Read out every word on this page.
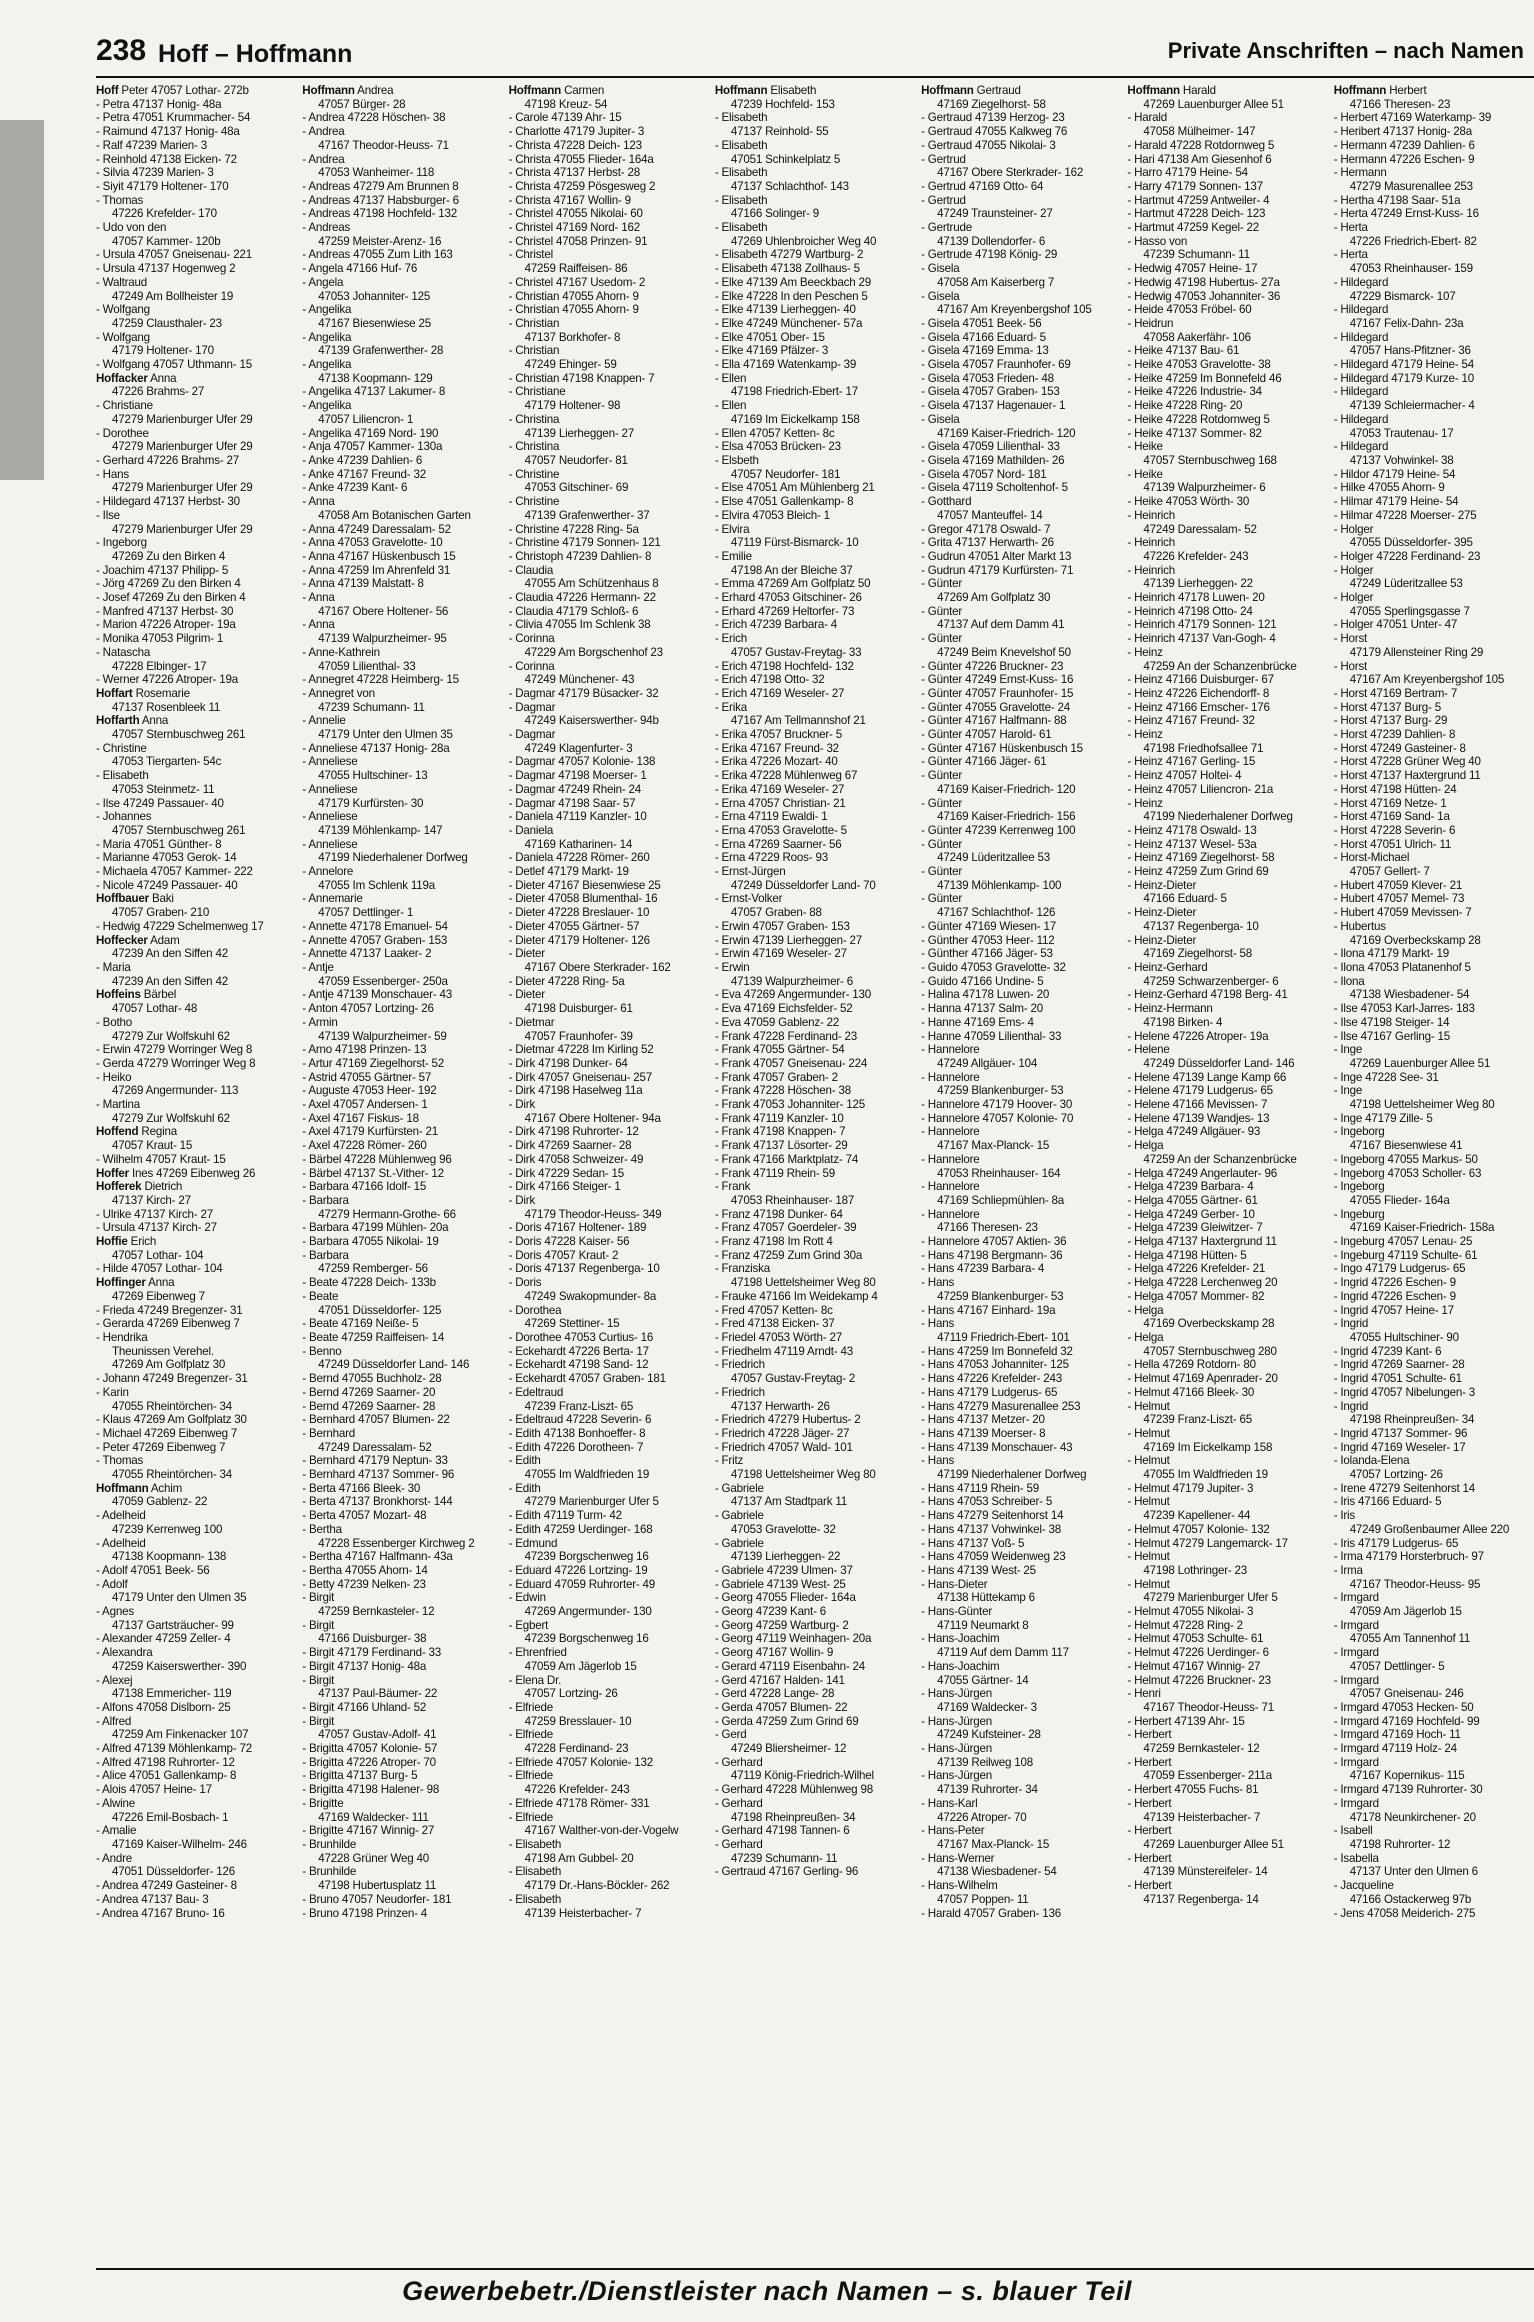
238 Hoff – Hoffmann	Private Anschriften – nach Namen
Hoff Peter 47057 Lothar- 272b
- Petra 47137 Honig- 48a
- Petra 47051 Krummacher- 54
- Raimund 47137 Honig- 48a
- Ralf 47239 Marien- 3
- Reinhold 47138 Eicken- 72
- Silvia 47239 Marien- 3
- Siyit 47179 Holtener- 170
- Thomas
47226 Krefelder- 170
- Udo von den
47057 Kammer- 120b
- Ursula 47057 Gneisenau- 221
- Ursula 47137 Hogenweg 2
- Waltraud
47249 Am Bollheister 19
- Wolfgang
47259 Clausthaler- 23
- Wolfgang
47179 Holtener- 170
- Wolfgang 47057 Uthmann- 15
Hoffacker Anna
47226 Brahms- 27
- Christiane
47279 Marienburger Ufer 29
- Dorothee
47279 Marienburger Ufer 29
- Gerhard 47226 Brahms- 27
- Hans
47279 Marienburger Ufer 29
- Hildegard 47137 Herbst- 30
- Ilse
47279 Marienburger Ufer 29
- Ingeborg
47269 Zu den Birken 4
- Joachim 47137 Philipp- 5
- Jörg 47269 Zu den Birken 4
- Josef 47269 Zu den Birken 4
- Manfred 47137 Herbst- 30
- Marion 47226 Atroper- 19a
- Monika 47053 Pilgrim- 1
- Natascha
47228 Elbinger- 17
- Werner 47226 Atroper- 19a
Hoffart Rosemarie
47137 Rosenbleek 11
Hoffarth Anna
47057 Sternbuschweg 261
- Christine
47053 Tiergarten- 54c
- Elisabeth
47053 Steinmetz- 11
- Ilse 47249 Passauer- 40
- Johannes
47057 Sternbuschweg 261
- Maria 47051 Günther- 8
- Marianne 47053 Gerok- 14
- Michaela 47057 Kammer- 222
- Nicole 47249 Passauer- 40
Hoffbauer Baki
47057 Graben- 210
- Hedwig 47229 Schelmenweg 17
Hoffecker Adam
47239 An den Siffen 42
- Maria
47239 An den Siffen 42
Hoffeins Bärbel
47057 Lothar- 48
- Botho
47279 Zur Wolfskuhl 62
- Erwin 47279 Worringer Weg 8
- Gerda 47279 Worringer Weg 8
- Heiko
47269 Angermunder- 113
- Martina
47279 Zur Wolfskuhl 62
Hoffend Regina
47057 Kraut- 15
- Wilhelm 47057 Kraut- 15
Hoffer Ines 47269 Eibenweg 26
Hofferek Dietrich
47137 Kirch- 27
- Ulrike 47137 Kirch- 27
- Ursula 47137 Kirch- 27
Hoffie Erich
47057 Lothar- 104
- Hilde 47057 Lothar- 104
Hoffinger Anna
47269 Eibenweg 7
- Frieda 47249 Bregenzer- 31
- Gerarda 47269 Eibenweg 7
- Hendrika
Theunissen Verehel.
47269 Am Golfplatz 30
- Johann 47249 Bregenzer- 31
- Karin
47055 Rheintörchen- 34
- Klaus 47269 Am Golfplatz 30
- Michael 47269 Eibenweg 7
- Peter 47269 Eibenweg 7
- Thomas
47055 Rheintörchen- 34
Hoffmann Achim
47059 Gablenz- 22
- Adelheid
47239 Kerrenweg 100
- Adelheid
47138 Koopmann- 138
- Adolf 47051 Beek- 56
- Adolf
47179 Unter den Ulmen 35
- Agnes
47137 Gartsträucher- 99
- Alexander 47259 Zeller- 4
- Alexandra
47259 Kaiserswerther- 390
- Alexej
47138 Emmericher- 119
- Alfons 47058 Dislborn- 25
- Alfred
47259 Am Finkenacker 107
- Alfred 47139 Möhlenkamp- 72
- Alfred 47198 Ruhrorter- 12
- Alice 47051 Gallenkamp- 8
- Alois 47057 Heine- 17
- Alwine
47226 Emil-Bosbach- 1
- Amalie
47169 Kaiser-Wilhelm- 246
- Andre
47051 Düsseldorfer- 126
- Andrea 47249 Gasteiner- 8
- Andrea 47137 Bau- 3
- Andrea 47167 Bruno- 16
Hoffmann Andrea
47057 Bürger- 28
- Andrea 47228 Höschen- 38
- Andrea
47167 Theodor-Heuss- 71
- Andrea
47053 Wanheimer- 118
- Andreas 47279 Am Brunnen 8
- Andreas 47137 Habsburger- 6
- Andreas 47198 Hochfeld- 132
- Andreas
47259 Meister-Arenz- 16
- Andreas 47055 Zum Lith 163
- Angela 47166 Huf- 76
- Angela
47053 Johanniter- 125
- Angelika
47167 Biesenwiese 25
- Angelika
47139 Grafenwerther- 28
- Angelika
47138 Koopmann- 129
- Angelika 47137 Lakumer- 8
- Angelika
47057 Liliencron- 1
- Angelika 47169 Nord- 190
- Anja 47057 Kammer- 130a
- Anke 47239 Dahlien- 6
- Anke 47167 Freund- 32
- Anke 47239 Kant- 6
- Anna
47058 Am Botanischen Garten
- Anna 47249 Daressalam- 52
- Anna 47053 Gravelotte- 10
- Anna 47167 Hüskenbusch 15
- Anna 47259 Im Ahrenfeld 31
- Anna 47139 Malstatt- 8
- Anna
47167 Obere Holtener- 56
- Anna
47139 Walpurzheimer- 95
- Anne-Kathrein
47059 Lilienthal- 33
- Annegret 47228 Heimberg- 15
- Annegret von
47239 Schumann- 11
- Annelie
47179 Unter den Ulmen 35
- Anneliese 47137 Honig- 28a
- Anneliese
47055 Hultschiner- 13
- Anneliese
47179 Kurfürsten- 30
- Anneliese
47139 Möhlenkamp- 147
- Anneliese
47199 Niederhalener Dorfweg
- Annelore
47055 Im Schlenk 119a
- Annemarie
47057 Dettlinger- 1
- Annette 47178 Emanuel- 54
- Annette 47057 Graben- 153
- Annette 47137 Laaker- 2
- Antje
47059 Essenberger- 250a
- Antje 47139 Monschauer- 43
- Anton 47057 Lortzing- 26
- Armin
47139 Walpurzheimer- 59
- Arno 47198 Prinzen- 13
- Artur 47169 Ziegelhorst- 52
- Astrid 47055 Gärtner- 57
- Auguste 47053 Heer- 192
- Axel 47057 Andersen- 1
- Axel 47167 Fiskus- 18
- Axel 47179 Kurfürsten- 21
- Axel 47228 Römer- 260
- Bärbel 47228 Mühlenweg 96
- Bärbel 47137 St.-Vither- 12
- Barbara 47166 Idolf- 15
- Barbara
47279 Hermann-Grothe- 66
- Barbara 47199 Mühlen- 20a
- Barbara 47055 Nikolai- 19
- Barbara
47259 Remberger- 56
- Beate 47228 Deich- 133b
- Beate
47051 Düsseldorfer- 125
- Beate 47169 Neiße- 5
- Beate 47259 Raiffeisen- 14
- Benno
47249 Düsseldorfer Land- 146
- Bernd 47055 Buchholz- 28
- Bernd 47269 Saarner- 20
- Bernd 47269 Saarner- 28
- Bernhard 47057 Blumen- 22
- Bernhard
47249 Daressalam- 52
- Bernhard 47179 Neptun- 33
- Bernhard 47137 Sommer- 96
- Berta 47166 Bleek- 30
- Berta 47137 Bronkhorst- 144
- Berta 47057 Mozart- 48
- Bertha
47228 Essenberger Kirchweg 2
- Bertha 47167 Halfmann- 43a
- Bertha 47055 Ahorn- 14
- Betty 47239 Nelken- 23
- Birgit
47259 Bernkasteler- 12
- Birgit
47166 Duisburger- 38
- Birgit 47179 Ferdinand- 33
- Birgit 47137 Honig- 48a
- Birgit
47137 Paul-Bäumer- 22
- Birgit 47166 Uhland- 52
- Birgit
47057 Gustav-Adolf- 41
- Brigitta 47057 Kolonie- 57
- Brigitta 47226 Atroper- 70
- Brigitta 47137 Burg- 5
- Brigitta 47198 Halener- 98
- Brigitte
47169 Waldecker- 111
- Brigitte 47167 Winnig- 27
- Brunhilde
47228 Grüner Weg 40
- Brunhilde
47198 Hubertusplatz 11
- Bruno 47057 Neudorfer- 181
- Bruno 47198 Prinzen- 4
Hoffmann Carmen
47198 Kreuz- 54
- Carole 47139 Ahr- 15
- Charlotte 47179 Jupiter- 3
- Christa 47228 Deich- 123
- Christa 47055 Flieder- 164a
- Christa 47137 Herbst- 28
- Christa 47259 Pösgesweg 2
- Christa 47167 Wollin- 9
- Christel 47055 Nikolai- 60
- Christel 47169 Nord- 162
- Christel 47058 Prinzen- 91
- Christel
47259 Raiffeisen- 86
- Christel 47167 Usedom- 2
- Christian 47055 Ahorn- 9
- Christian 47055 Ahorn- 9
- Christian
47137 Borkhofer- 8
- Christian
47249 Ehinger- 59
- Christian 47198 Knappen- 7
- Christiane
47179 Holtener- 98
- Christina
47139 Lierheggen- 27
- Christina
47057 Neudorfer- 81
- Christine
47053 Gitschiner- 69
- Christine
47139 Grafenwerther- 37
- Christine 47228 Ring- 5a
- Christine 47179 Sonnen- 121
- Christoph 47239 Dahlien- 8
- Claudia
47055 Am Schützenhaus 8
- Claudia 47226 Hermann- 22
- Claudia 47179 Schloß- 6
- Clivia 47055 Im Schlenk 38
- Corinna
47229 Am Borgschenhof 23
- Corinna
47249 Münchener- 43
- Dagmar 47179 Büsacker- 32
- Dagmar
47249 Kaiserswerther- 94b
- Dagmar
47249 Klagenfurter- 3
- Dagmar 47057 Kolonie- 138
- Dagmar 47198 Moerser- 1
- Dagmar 47249 Rhein- 24
- Dagmar 47198 Saar- 57
- Daniela 47119 Kanzler- 10
- Daniela
47169 Katharinen- 14
- Daniela 47228 Römer- 260
- Detlef 47179 Markt- 19
- Dieter 47167 Biesenwiese 25
- Dieter 47058 Blumenthal- 16
- Dieter 47228 Breslauer- 10
- Dieter 47055 Gärtner- 57
- Dieter 47179 Holtener- 126
- Dieter
47167 Obere Sterkrader- 162
- Dieter 47228 Ring- 5a
- Dieter
47198 Duisburger- 61
- Dietmar
47057 Fraunhofer- 39
- Dietmar 47228 Im Kirling 52
- Dirk 47198 Dunker- 64
- Dirk 47057 Gneisenau- 257
- Dirk 47198 Haselweg 11a
- Dirk
47167 Obere Holtener- 94a
- Dirk 47198 Ruhrorter- 12
- Dirk 47269 Saarner- 28
- Dirk 47058 Schweizer- 49
- Dirk 47229 Sedan- 15
- Dirk 47166 Steiger- 1
- Dirk
47179 Theodor-Heuss- 349
- Doris 47167 Holtener- 189
- Doris 47228 Kaiser- 56
- Doris 47057 Kraut- 2
- Doris 47137 Regenberga- 10
- Doris
47249 Swakopmunder- 8a
- Dorothea
47269 Stettiner- 15
- Dorothee 47053 Curtius- 16
- Eckehardt 47226 Berta- 17
- Eckehardt 47198 Sand- 12
- Eckehardt 47057 Graben- 181
- Edeltraud
47239 Franz-Liszt- 65
- Edeltraud 47228 Severin- 6
- Edith 47138 Bonhoeffer- 8
- Edith 47226 Dorotheen- 7
- Edith
47055 Im Waldfrieden 19
- Edith
47279 Marienburger Ufer 5
- Edith 47119 Turm- 42
- Edith 47259 Uerdinger- 168
- Edmund
47239 Borgschenweg 16
- Eduard 47226 Lortzing- 19
- Eduard 47059 Ruhrorter- 49
- Edwin
47269 Angermunder- 130
- Egbert
47239 Borgschenweg 16
- Ehrenfried
47059 Am Jägerlob 15
- Elena Dr.
47057 Lortzing- 26
- Elfriede
47259 Bresslauer- 10
- Elfriede
47228 Ferdinand- 23
- Elfriede 47057 Kolonie- 132
- Elfriede
47226 Krefelder- 243
- Elfriede 47178 Römer- 331
- Elfriede
47167 Walther-von-der-Vogelw
- Elisabeth
47198 Am Gubbel- 20
- Elisabeth
47179 Dr.-Hans-Böckler- 262
- Elisabeth
47139 Heisterbacher- 7
Hoffmann Elisabeth
47239 Hochfeld- 153
- Elisabeth
47137 Reinhold- 55
- Elisabeth
47051 Schinkelplatz 5
- Elisabeth
47137 Schlachthof- 143
- Elisabeth
47166 Solinger- 9
- Elisabeth
47269 Uhlenbroicher Weg 40
- Elisabeth 47279 Wartburg- 2
- Elisabeth 47138 Zollhaus- 5
- Elke 47139 Am Beeckbach 29
- Elke 47228 In den Peschen 5
- Elke 47139 Lierheggen- 40
- Elke 47249 Münchener- 57a
- Elke 47051 Ober- 15
- Elke 47169 Pfälzer- 3
- Ella 47169 Watenkamp- 39
- Ellen
47198 Friedrich-Ebert- 17
- Ellen
47169 Im Eickelkamp 158
- Ellen 47057 Ketten- 8c
- Elsa 47053 Brücken- 23
- Elsbeth
47057 Neudorfer- 181
- Else 47051 Am Mühlenberg 21
- Else 47051 Gallenkamp- 8
- Elvira 47053 Bleich- 1
- Elvira
47119 Fürst-Bismarck- 10
- Emilie
47198 An der Bleiche 37
- Emma 47269 Am Golfplatz 50
- Erhard 47053 Gitschiner- 26
- Erhard 47269 Heltorfer- 73
- Erich 47239 Barbara- 4
- Erich
47057 Gustav-Freytag- 33
- Erich 47198 Hochfeld- 132
- Erich 47198 Otto- 32
- Erich 47169 Weseler- 27
- Erika
47167 Am Tellmannshof 21
- Erika 47057 Bruckner- 5
- Erika 47167 Freund- 32
- Erika 47226 Mozart- 40
- Erika 47228 Mühlenweg 67
- Erika 47169 Weseler- 27
- Erna 47057 Christian- 21
- Erna 47119 Ewaldi- 1
- Erna 47053 Gravelotte- 5
- Erna 47269 Saarner- 56
- Erna 47229 Roos- 93
- Ernst-Jürgen
47249 Düsseldorfer Land- 70
- Ernst-Volker
47057 Graben- 88
- Erwin 47057 Graben- 153
- Erwin 47139 Lierheggen- 27
- Erwin 47169 Weseler- 27
- Erwin
47139 Walpurzheimer- 6
- Eva 47269 Angermunder- 130
- Eva 47169 Eichsfelder- 52
- Eva 47059 Gablenz- 22
- Frank 47228 Ferdinand- 23
- Frank 47055 Gärtner- 54
- Frank 47057 Gneisenau- 224
- Frank 47057 Graben- 2
- Frank 47228 Höschen- 38
- Frank 47053 Johanniter- 125
- Frank 47119 Kanzler- 10
- Frank 47198 Knappen- 7
- Frank 47137 Lösorter- 29
- Frank 47166 Marktplatz- 74
- Frank 47119 Rhein- 59
- Frank
47053 Rheinhauser- 187
- Franz 47198 Dunker- 64
- Franz 47057 Goerdeler- 39
- Franz 47198 Im Rott 4
- Franz 47259 Zum Grind 30a
- Franziska
47198 Uettelsheimer Weg 80
- Frauke 47166 Im Weidekamp 4
- Fred 47057 Ketten- 8c
- Fred 47138 Eicken- 37
- Friedel 47053 Wörth- 27
- Friedhelm 47119 Arndt- 43
- Friedrich
47057 Gustav-Freytag- 2
- Friedrich
47137 Herwarth- 26
- Friedrich 47279 Hubertus- 2
- Friedrich 47228 Jäger- 27
- Friedrich 47057 Wald- 101
- Fritz
47198 Uettelsheimer Weg 80
- Gabriele
47137 Am Stadtpark 11
- Gabriele
47053 Gravelotte- 32
- Gabriele
47139 Lierheggen- 22
- Gabriele 47239 Ulmen- 37
- Gabriele 47139 West- 25
- Georg 47055 Flieder- 164a
- Georg 47239 Kant- 6
- Georg 47259 Wartburg- 2
- Georg 47119 Weinhagen- 20a
- Georg 47167 Wollin- 9
- Gerard 47119 Eisenbahn- 24
- Gerd 47167 Halden- 141
- Gerd 47228 Lange- 28
- Gerda 47057 Blumen- 22
- Gerda 47259 Zum Grind 69
- Gerd
47249 Bliersheimer- 12
- Gerhard
47119 König-Friedrich-Wilhel
- Gerhard 47228 Mühlenweg 98
- Gerhard
47198 Rheinpreußen- 34
- Gerhard 47198 Tannen- 6
- Gerhard
47239 Schumann- 11
- Gertraud 47167 Gerling- 96
Hoffmann Gertraud
47169 Ziegelhorst- 58
- Gertraud 47139 Herzog- 23
- Gertraud 47055 Kalkweg 76
- Gertraud 47055 Nikolai- 3
- Gertrud
47167 Obere Sterkrader- 162
- Gertrud 47169 Otto- 64
- Gertrud
47249 Traunsteiner- 27
- Gertrude
47139 Dollendorfer- 6
- Gertrude 47198 König- 29
- Gisela
47058 Am Kaiserberg 7
- Gisela
47167 Am Kreyenbergshof 105
- Gisela 47051 Beek- 56
- Gisela 47166 Eduard- 5
- Gisela 47169 Emma- 13
- Gisela 47057 Fraunhofer- 69
- Gisela 47053 Frieden- 48
- Gisela 47057 Graben- 153
- Gisela 47137 Hagenauer- 1
- Gisela
47169 Kaiser-Friedrich- 120
- Gisela 47059 Lilienthal- 33
- Gisela 47169 Mathilden- 26
- Gisela 47057 Nord- 181
- Gisela 47119 Scholtenhof- 5
- Gotthard
47057 Manteuffel- 14
- Gregor 47178 Oswald- 7
- Grita 47137 Herwarth- 26
- Gudrun 47051 Alter Markt 13
- Gudrun 47179 Kurfürsten- 71
- Günter
47269 Am Golfplatz 30
- Günter
47137 Auf dem Damm 41
- Günter
47249 Beim Knevelshof 50
- Günter 47226 Bruckner- 23
- Günter 47249 Ernst-Kuss- 16
- Günter 47057 Fraunhofer- 15
- Günter 47055 Gravelotte- 24
- Günter 47167 Halfmann- 88
- Günter 47057 Harold- 61
- Günter 47167 Hüskenbusch 15
- Günter 47166 Jäger- 61
- Günter
47169 Kaiser-Friedrich- 120
- Günter
47169 Kaiser-Friedrich- 156
- Günter 47239 Kerrenweg 100
- Günter
47249 Lüderitzallee 53
- Günter
47139 Möhlenkamp- 100
- Günter
47167 Schlachthof- 126
- Günter 47169 Wiesen- 17
- Günther 47053 Heer- 112
- Günther 47166 Jäger- 53
- Guido 47053 Gravelotte- 32
- Guido 47166 Undine- 5
- Halina 47178 Luwen- 20
- Hanna 47137 Salm- 20
- Hanne 47169 Ems- 4
- Hanne 47059 Lilienthal- 33
- Hannelore
47249 Allgäuer- 104
- Hannelore
47259 Blankenburger- 53
- Hannelore 47179 Hoover- 30
- Hannelore 47057 Kolonie- 70
- Hannelore
47167 Max-Planck- 15
- Hannelore
47053 Rheinhauser- 164
- Hannelore
47169 Schliepmühlen- 8a
- Hannelore
47166 Theresen- 23
- Hannelore 47057 Aktien- 36
- Hans 47198 Bergmann- 36
- Hans 47239 Barbara- 4
- Hans
47259 Blankenburger- 53
- Hans 47167 Einhard- 19a
- Hans
47119 Friedrich-Ebert- 101
- Hans 47259 Im Bonnefeld 32
- Hans 47053 Johanniter- 125
- Hans 47226 Krefelder- 243
- Hans 47179 Ludgerus- 65
- Hans 47279 Masurenallee 253
- Hans 47137 Metzer- 20
- Hans 47139 Moerser- 8
- Hans 47139 Monschauer- 43
- Hans
47199 Niederhalener Dorfweg
- Hans 47119 Rhein- 59
- Hans 47053 Schreiber- 5
- Hans 47279 Seitenhorst 14
- Hans 47137 Vohwinkel- 38
- Hans 47137 Voß- 5
- Hans 47059 Weidenweg 23
- Hans 47139 West- 25
- Hans-Dieter
47138 Hüttekamp 6
- Hans-Günter
47119 Neumarkt 8
- Hans-Joachim
47119 Auf dem Damm 117
- Hans-Joachim
47055 Gärtner- 14
- Hans-Jürgen
47169 Waldecker- 3
- Hans-Jürgen
47249 Kufsteiner- 28
- Hans-Jürgen
47139 Reilweg 108
- Hans-Jürgen
47139 Ruhrorter- 34
- Hans-Karl
47226 Atroper- 70
- Hans-Peter
47167 Max-Planck- 15
- Hans-Werner
47138 Wiesbadener- 54
- Hans-Wilhelm
47057 Poppen- 11
- Harald 47057 Graben- 136
Hoffmann Harald
47269 Lauenburger Allee 51
- Harald
47058 Mülheimer- 147
- Harald 47228 Rotdornweg 5
- Hari 47138 Am Giesenhof 6
- Harro 47179 Heine- 54
- Harry 47179 Sonnen- 137
- Hartmut 47259 Antweiler- 4
- Hartmut 47228 Deich- 123
- Hartmut 47259 Kegel- 22
- Hasso von
47239 Schumann- 11
- Hedwig 47057 Heine- 17
- Hedwig 47198 Hubertus- 27a
- Hedwig 47053 Johanniter- 36
- Heide 47053 Fröbel- 60
- Heidrun
47058 Aakerfähr- 106
- Heike 47137 Bau- 61
- Heike 47053 Gravelotte- 38
- Heike 47259 Im Bonnefeld 46
- Heike 47226 Industrie- 34
- Heike 47228 Ring- 20
- Heike 47228 Rotdornweg 5
- Heike 47137 Sommer- 82
- Heike
47057 Sternbuschweg 168
- Heike
47139 Walpurzheimer- 6
- Heike 47053 Wörth- 30
- Heinrich
47249 Daressalam- 52
- Heinrich
47226 Krefelder- 243
- Heinrich
47139 Lierheggen- 22
- Heinrich 47178 Luwen- 20
- Heinrich 47198 Otto- 24
- Heinrich 47179 Sonnen- 121
- Heinrich 47137 Van-Gogh- 4
- Heinz
47259 An der Schanzenbrücke
- Heinz 47166 Duisburger- 67
- Heinz 47226 Eichendorff- 8
- Heinz 47166 Emscher- 176
- Heinz 47167 Freund- 32
- Heinz
47198 Friedhofsallee 71
- Heinz 47167 Gerling- 15
- Heinz 47057 Holtei- 4
- Heinz 47057 Liliencron- 21a
- Heinz
47199 Niederhalener Dorfweg
- Heinz 47178 Oswald- 13
- Heinz 47137 Wesel- 53a
- Heinz 47169 Ziegelhorst- 58
- Heinz 47259 Zum Grind 69
- Heinz-Dieter
47166 Eduard- 5
- Heinz-Dieter
47137 Regenberga- 10
- Heinz-Dieter
47169 Ziegelhorst- 58
- Heinz-Gerhard
47259 Schwarzenberger- 6
- Heinz-Gerhard 47198 Berg- 41
- Heinz-Hermann
47198 Birken- 4
- Helene 47226 Atroper- 19a
- Helene
47249 Düsseldorfer Land- 146
- Helene 47139 Lange Kamp 66
- Helene 47179 Ludgerus- 65
- Helene 47166 Mevissen- 7
- Helene 47139 Wandjes- 13
- Helga 47249 Allgäuer- 93
- Helga
47259 An der Schanzenbrücke
- Helga 47249 Angerlauter- 96
- Helga 47239 Barbara- 4
- Helga 47055 Gärtner- 61
- Helga 47249 Gerber- 10
- Helga 47239 Gleiwitzer- 7
- Helga 47137 Haxtergrund 11
- Helga 47198 Hütten- 5
- Helga 47226 Krefelder- 21
- Helga 47228 Lerchenweg 20
- Helga 47057 Mommer- 82
- Helga
47169 Overbeckskamp 28
- Helga
47057 Sternbuschweg 280
- Hella 47269 Rotdorn- 80
- Helmut 47169 Apenrader- 20
- Helmut 47166 Bleek- 30
- Helmut
47239 Franz-Liszt- 65
- Helmut
47169 Im Eickelkamp 158
- Helmut
47055 Im Waldfrieden 19
- Helmut 47179 Jupiter- 3
- Helmut
47239 Kapellener- 44
- Helmut 47057 Kolonie- 132
- Helmut 47279 Langemarck- 17
- Helmut
47198 Lothringer- 23
- Helmut
47279 Marienburger Ufer 5
- Helmut 47055 Nikolai- 3
- Helmut 47228 Ring- 2
- Helmut 47053 Schulte- 61
- Helmut 47226 Uerdinger- 6
- Helmut 47167 Winnig- 27
- Helmut 47226 Bruckner- 23
- Henri
47167 Theodor-Heuss- 71
- Herbert 47139 Ahr- 15
- Herbert
47259 Bernkasteler- 12
- Herbert
47059 Essenberger- 211a
- Herbert 47055 Fuchs- 81
- Herbert
47139 Heisterbacher- 7
- Herbert
47269 Lauenburger Allee 51
- Herbert
47139 Münstereifeler- 14
- Herbert
47137 Regenberga- 14
Hoffmann Herbert
47166 Theresen- 23
- Herbert 47169 Waterkamp- 39
- Heribert 47137 Honig- 28a
- Hermann 47239 Dahlien- 6
- Hermann 47226 Eschen- 9
- Hermann
47279 Masurenallee 253
- Hertha 47198 Saar- 51a
- Herta 47249 Ernst-Kuss- 16
- Herta
47226 Friedrich-Ebert- 82
- Herta
47053 Rheinhauser- 159
- Hildegard
47229 Bismarck- 107
- Hildegard
47167 Felix-Dahn- 23a
- Hildegard
47057 Hans-Pfitzner- 36
- Hildegard 47179 Heine- 54
- Hildegard 47179 Kurze- 10
- Hildegard
47139 Schleiermacher- 4
- Hildegard
47053 Trautenau- 17
- Hildegard
47137 Vohwinkel- 38
- Hildor 47179 Heine- 54
- Hilke 47055 Ahorn- 9
- Hilmar 47179 Heine- 54
- Hilmar 47228 Moerser- 275
- Holger
47055 Düsseldorfer- 395
- Holger 47228 Ferdinand- 23
- Holger
47249 Lüderitzallee 53
- Holger
47055 Sperlingsgasse 7
- Holger 47051 Unter- 47
- Horst
47179 Allensteiner Ring 29
- Horst
47167 Am Kreyenbergshof 105
- Horst 47169 Bertram- 7
- Horst 47137 Burg- 5
- Horst 47137 Burg- 29
- Horst 47239 Dahlien- 8
- Horst 47249 Gasteiner- 8
- Horst 47228 Grüner Weg 40
- Horst 47137 Haxtergrund 11
- Horst 47198 Hütten- 24
- Horst 47169 Netze- 1
- Horst 47169 Sand- 1a
- Horst 47228 Severin- 6
- Horst 47051 Ulrich- 11
- Horst-Michael
47057 Gellert- 7
- Hubert 47059 Klever- 21
- Hubert 47057 Memel- 73
- Hubert 47059 Mevissen- 7
- Hubertus
47169 Overbeckskamp 28
- Ilona 47179 Markt- 19
- Ilona 47053 Platanenhof 5
- Ilona
47138 Wiesbadener- 54
- Ilse 47053 Karl-Jarres- 183
- Ilse 47198 Steiger- 14
- Ilse 47167 Gerling- 15
- Inge
47269 Lauenburger Allee 51
- Inge 47228 See- 31
- Inge
47198 Uettelsheimer Weg 80
- Inge 47179 Zille- 5
- Ingeborg
47167 Biesenwiese 41
- Ingeborg 47055 Markus- 50
- Ingeborg 47053 Scholler- 63
- Ingeborg
47055 Flieder- 164a
- Ingeburg
47169 Kaiser-Friedrich- 158a
- Ingeburg 47057 Lenau- 25
- Ingeburg 47119 Schulte- 61
- Ingo 47179 Ludgerus- 65
- Ingrid 47226 Eschen- 9
- Ingrid 47226 Eschen- 9
- Ingrid 47057 Heine- 17
- Ingrid
47055 Hultschiner- 90
- Ingrid 47239 Kant- 6
- Ingrid 47269 Saarner- 28
- Ingrid 47051 Schulte- 61
- Ingrid 47057 Nibelungen- 3
- Ingrid
47198 Rheinpreußen- 34
- Ingrid 47137 Sommer- 96
- Ingrid 47169 Weseler- 17
- Iolanda-Elena
47057 Lortzing- 26
- Irene 47279 Seitenhorst 14
- Iris 47166 Eduard- 5
- Iris
47249 Großenbaumer Allee 220
- Iris 47179 Ludgerus- 65
- Irma 47179 Horsterbruch- 97
- Irma
47167 Theodor-Heuss- 95
- Irmgard
47059 Am Jägerlob 15
- Irmgard
47055 Am Tannenhof 11
- Irmgard
47057 Dettlinger- 5
- Irmgard
47057 Gneisenau- 246
- Irmgard 47053 Hecken- 50
- Irmgard 47169 Hochfeld- 99
- Irmgard 47169 Hoch- 11
- Irmgard 47119 Holz- 24
- Irmgard
47167 Kopernikus- 115
- Irmgard 47139 Ruhrorter- 30
- Irmgard
47178 Neunkirchener- 20
- Isabell
47198 Ruhrorter- 12
- Isabella
47137 Unter den Ulmen 6
- Jacqueline
47166 Ostackerweg 97b
- Jens 47058 Meiderich- 275
Gewerbebetr./Dienstleister nach Namen – s. blauer Teil
